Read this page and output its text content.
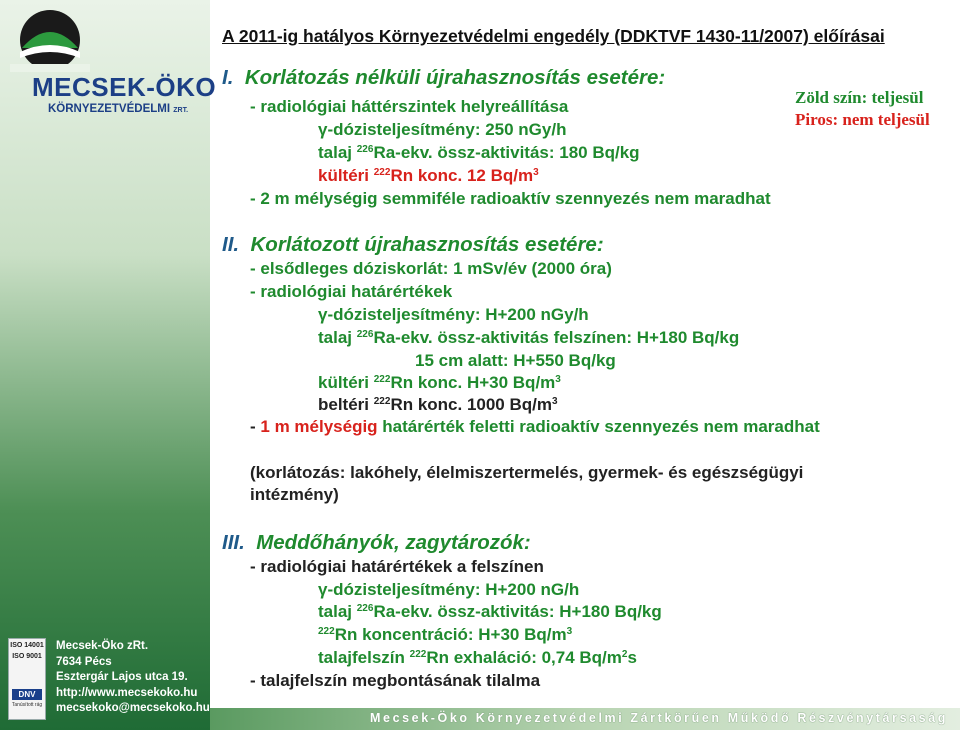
MECSEK-ÖKO
KÖRNYEZETVÉDELMI ZRT.
A 2011-ig hatályos Környezetvédelmi engedély (DDKTVF 1430-11/2007) előírásai
Zöld szín: teljesül
Piros: nem teljesül
I. Korlátozás nélküli újrahasznosítás esetére:
- radiológiai háttérszintek helyreállítása
γ-dózisteljesítmény: 250 nGy/h
talaj $^{226}$Ra-ekv. össz-aktivitás: 180 Bq/kg
kültéri $^{222}$Rn konc. 12 $Bq/m^3$
- 2 m mélységig semmiféle radioaktív szennyezés nem maradhat
II. Korlátozott újrahasznosítás esetére:
- elsődleges dóziskorlát: 1 mSv/év (2000 óra)
- radiológiai határértékek
γ-dózisteljesítmény: H+200 nGy/h
talaj $^{226}$Ra-ekv. össz-aktivitás felszínen: H+180 Bq/kg
15 cm alatt: H+550 Bq/kg
kültéri $^{222}$Rn konc. H+30 $Bq/m^3$
beltéri $^{222}$Rn konc. 1000 $Bq/m^3$
- 1 m mélységig határérték feletti radioaktív szennyezés nem maradhat
(korlátozás: lakóhely, élelmiszertermelés, gyermek- és egészségügyi
intézmény)
III. Meddőhányók, zagytározók:
- radiológiai határértékek a felszínen
γ-dózisteljesítmény: H+200 nG/h
talaj $^{226}$Ra-ekv. össz-aktivitás: H+180 Bq/kg
$^{222}$Rn koncentráció: H+30 $Bq/m^3$
talajfelszín $^{222}$Rn exhaláció: 0,74 $Bq/m^2s$
- talajfelszín megbontásának tilalma
ISO 14001
ISO 9001
DNV
Tanúsított rág
Mecsek-Öko zRt.
7634 Pécs
Esztergár Lajos utca 19.
http://www.mecsekoko.hu
mecsekoko@mecsekoko.hu
Mecsek-Öko Környezetvédelmi Zártkörűen Működő Részvénytársaság
